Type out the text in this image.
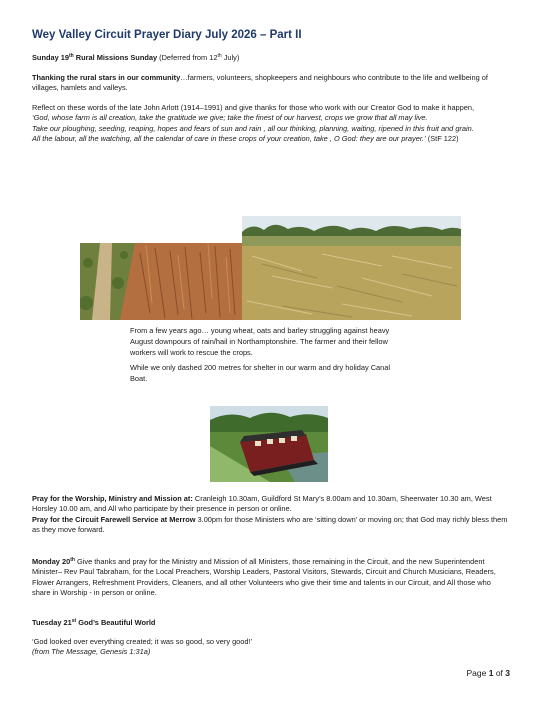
Wey Valley Circuit Prayer Diary July 2026 – Part II

Sunday 19th Rural Missions Sunday (Deferred from 12th July)

Thanking the rural stars in our community…farmers, volunteers, shopkeepers and neighbours who contribute to the life and wellbeing of villages, hamlets and valleys.

Reflect on these words of the late John Arlott (1914–1991) and give thanks for those who work with our Creator God to make it happen,

‘God, whose farm is all creation, take the gratitude we give; take the finest of our harvest, crops we grow that all may live.

Take our ploughing, seeding, reaping, hopes and fears of sun and rain , all our thinking, planning, waiting, ripened in this fruit and grain.

All the labour, all the watching, all the calendar of care in these crops of your creation, take , O God: they are our prayer.’ (StF 122)

From a few years ago… young wheat, oats and barley struggling against heavy August downpours of rain/hail in Northamptonshire. The farmer and their fellow workers will work to rescue the crops.

While we only dashed 200 metres for shelter in our warm and dry holiday Canal Boat.

Pray for the Worship, Ministry and Mission at: Cranleigh 10.30am, Guildford St Mary’s 8.00am and 10.30am, Sheerwater 10.30 am, West Horsley 10.00 am, and All who participate by their presence in person or online.

Pray for the Circuit Farewell Service at Merrow 3.00pm for those Ministers who are ‘sitting down’ or moving on; that God may richly bless them as they move forward.

Monday 20th Give thanks and pray for the Ministry and Mission of all Ministers, those remaining in the Circuit, and the new Superintendent Minister– Rev Paul Tabraham, for the Local Preachers, Worship Leaders, Pastoral Visitors, Stewards, Circuit and Church Musicians, Readers, Flower Arrangers, Refreshment Providers, Cleaners, and all other Volunteers who give their time and talents in our Circuit, and All those who share in Worship - in person or online.

Tuesday 21st God’s Beautiful World

‘God looked over everything created; it was so good, so very good!’

(from The Message, Genesis 1:31a)

Page 1 of 3
